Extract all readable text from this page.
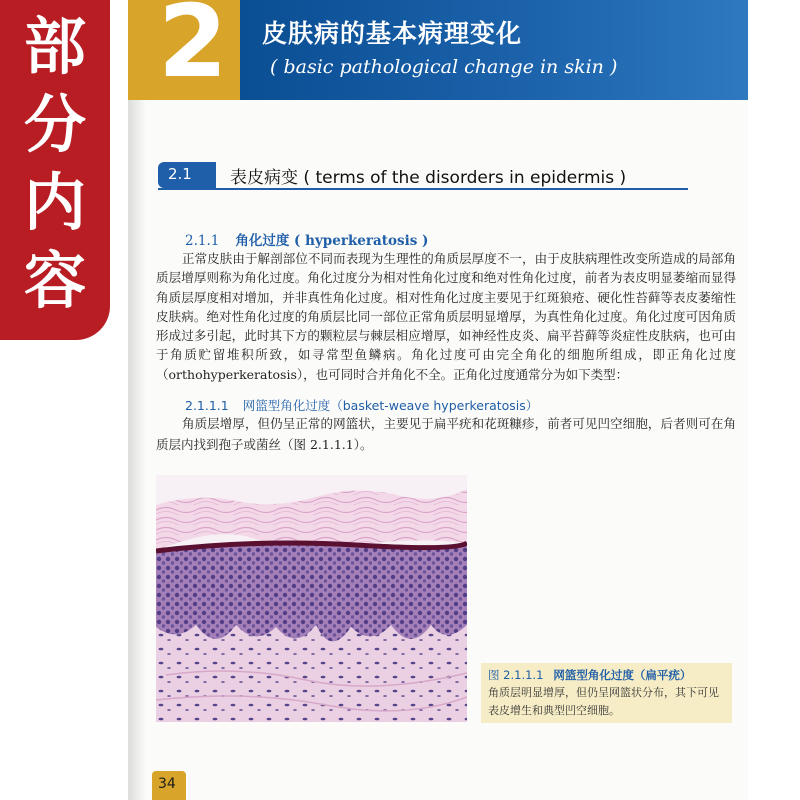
2 皮肤病的基本病理变化
( basic pathological change in skin )
部
分
内
容
2.1 表皮病变 ( terms of the disorders in epidermis )
2.1.1 角化过度 ( hyperkeratosis )
正常皮肤由于解剖部位不同而表现为生理性的角质层厚度不一，由于皮肤病理性改变所造成的局部角质层增厚则称为角化过度。角化过度分为相对性角化过度和绝对性角化过度，前者为表皮明显萎缩而显得角质层厚度相对增加，并非真性角化过度。相对性角化过度主要见于红斑狼疮、硬化性苔藓等表皮萎缩性皮肤病。绝对性角化过度的角质层比同一部位正常角质层明显增厚，为真性角化过度。角化过度可因角质形成过多引起，此时其下方的颗粒层与棘层相应增厚，如神经性皮炎、扁平苔藓等炎症性皮肤病，也可由于角质贮留堆积所致，如寻常型鱼鳞病。角化过度可由完全角化的细胞所组成，即正角化过度（orthohyperkeratosis），也可同时合并角化不全。正角化过度通常分为如下类型：
2.1.1.1 网篮型角化过度（basket-weave hyperkeratosis）
角质层增厚，但仍呈正常的网篮状，主要见于扁平疣和花斑糠疹，前者可见凹空细胞，后者则可在角质层内找到孢子或菌丝（图 2.1.1.1）。
图 2.1.1.1 网篮型角化过度（扁平疣）
角质层明显增厚，但仍呈网篮状分布，其下可见表皮增生和典型凹空细胞。
34
